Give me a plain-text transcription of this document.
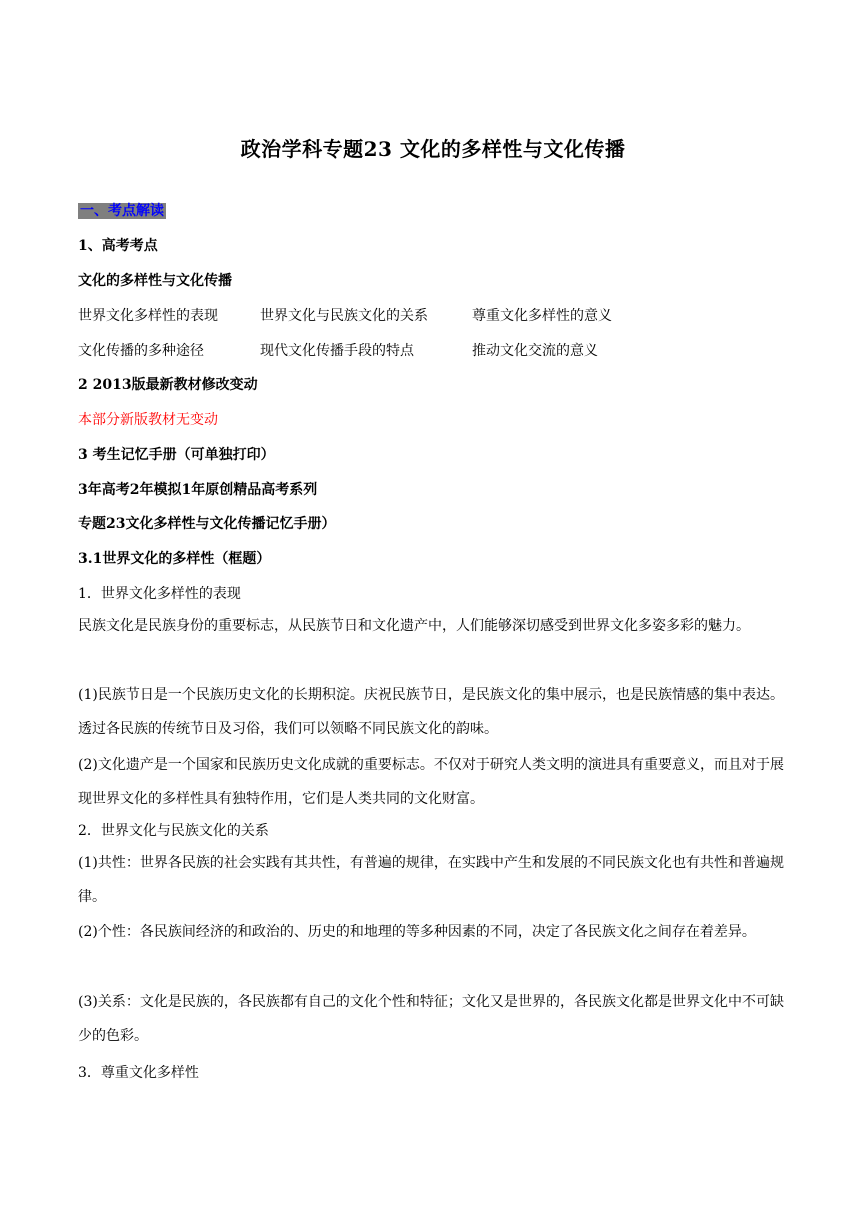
政治学科专题23 文化的多样性与文化传播
一、考点解读
1、高考考点
文化的多样性与文化传播
世界文化多样性的表现	世界文化与民族文化的关系	尊重文化多样性的意义
文化传播的多种途径	现代文化传播手段的特点	推动文化交流的意义
2 2013版最新教材修改变动
本部分新版教材无变动
3 考生记忆手册（可单独打印）
3年高考2年模拟1年原创精品高考系列
专题23文化多样性与文化传播记忆手册）
3.1世界文化的多样性（框题）
1．世界文化多样性的表现
民族文化是民族身份的重要标志，从民族节日和文化遗产中，人们能够深切感受到世界文化多姿多彩的魅力。
(1)民族节日是一个民族历史文化的长期积淀。庆祝民族节日，是民族文化的集中展示，也是民族情感的集中表达。透过各民族的传统节日及习俗，我们可以领略不同民族文化的韵味。
(2)文化遗产是一个国家和民族历史文化成就的重要标志。不仅对于研究人类文明的演进具有重要意义，而且对于展现世界文化的多样性具有独特作用，它们是人类共同的文化财富。
2．世界文化与民族文化的关系
(1)共性：世界各民族的社会实践有其共性，有普遍的规律，在实践中产生和发展的不同民族文化也有共性和普遍规律。
(2)个性：各民族间经济的和政治的、历史的和地理的等多种因素的不同，决定了各民族文化之间存在着差异。
(3)关系：文化是民族的，各民族都有自己的文化个性和特征；文化又是世界的，各民族文化都是世界文化中不可缺少的色彩。
3．尊重文化多样性
